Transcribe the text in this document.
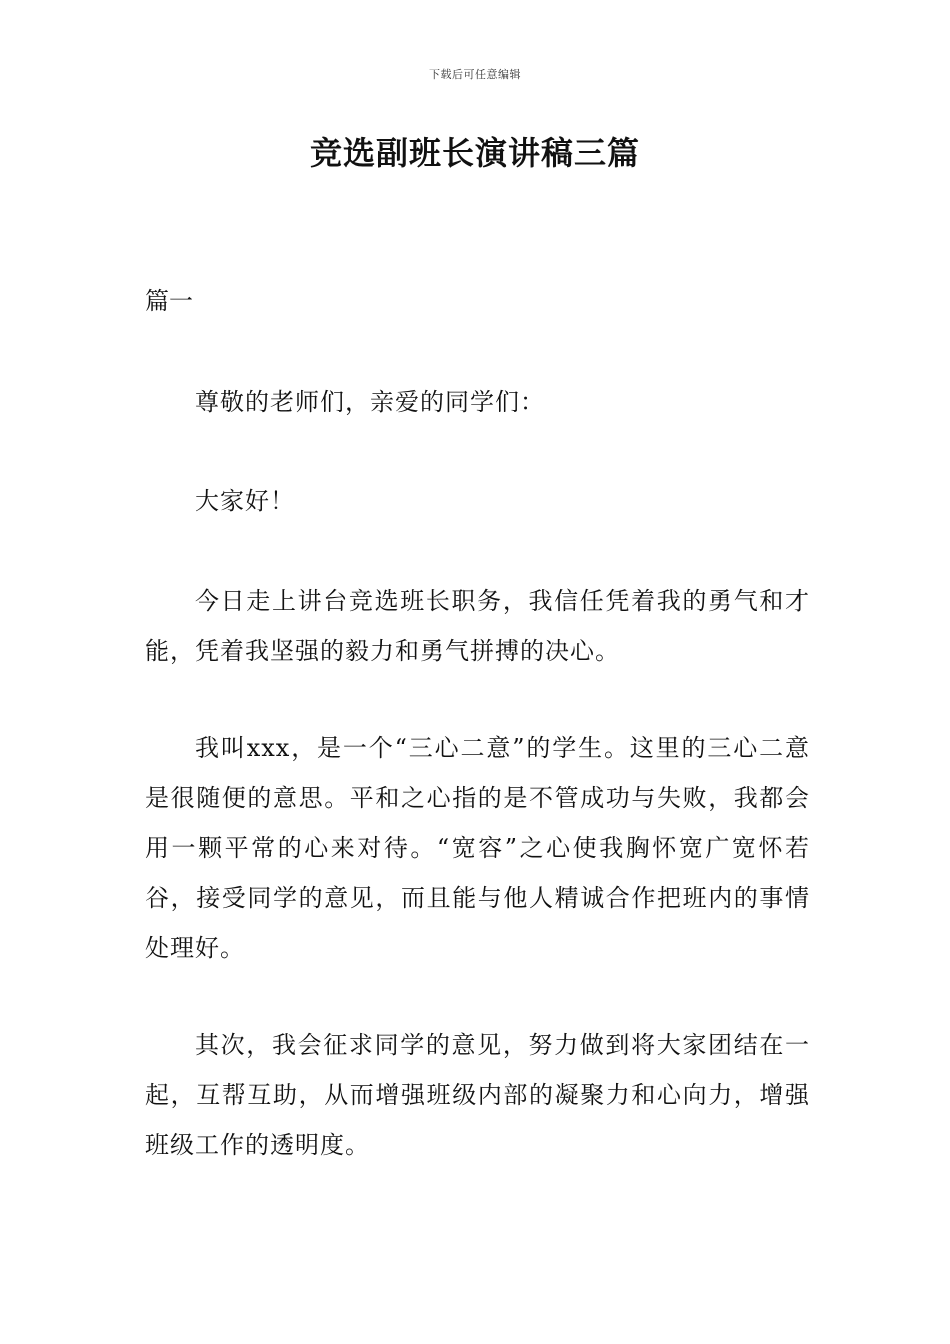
下载后可任意编辑
竞选副班长演讲稿三篇
篇一
尊敬的老师们，亲爱的同学们：
大家好！
今日走上讲台竞选班长职务，我信任凭着我的勇气和才能，凭着我坚强的毅力和勇气拼搏的决心。
我叫xxx，是一个“三心二意”的学生。这里的三心二意是很随便的意思。平和之心指的是不管成功与失败，我都会用一颗平常的心来对待。“宽容”之心使我胸怀宽广宽怀若谷，接受同学的意见，而且能与他人精诚合作把班内的事情处理好。
其次，我会征求同学的意见，努力做到将大家团结在一起，互帮互助，从而增强班级内部的凝聚力和心向力，增强班级工作的透明度。
